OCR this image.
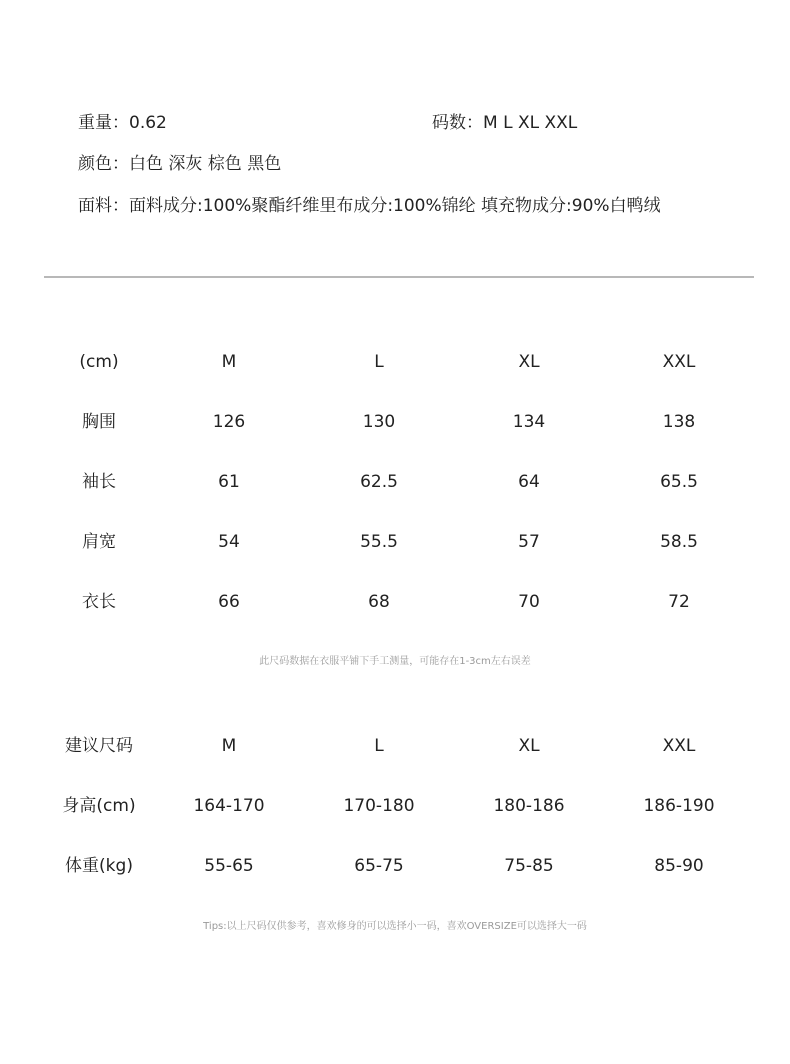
重量：0.62	码数：M L XL XXL
颜色：白色 深灰 棕色 黑色
面料：面料成分:100%聚酯纤维里布成分:100%锦纶 填充物成分:90%白鸭绒
(cm)	M	L	XL	XXL
胸围	126	130	134	138
袖长	61	62.5	64	65.5
肩宽	54	55.5	57	58.5
衣长	66	68	70	72
此尺码数据在衣服平铺下手工测量，可能存在1-3cm左右误差
建议尺码	M	L	XL	XXL
身高(cm)	164-170	170-180	180-186	186-190
体重(kg)	55-65	65-75	75-85	85-90
Tips:以上尺码仅供参考，喜欢修身的可以选择小一码，喜欢OVERSIZE可以选择大一码
